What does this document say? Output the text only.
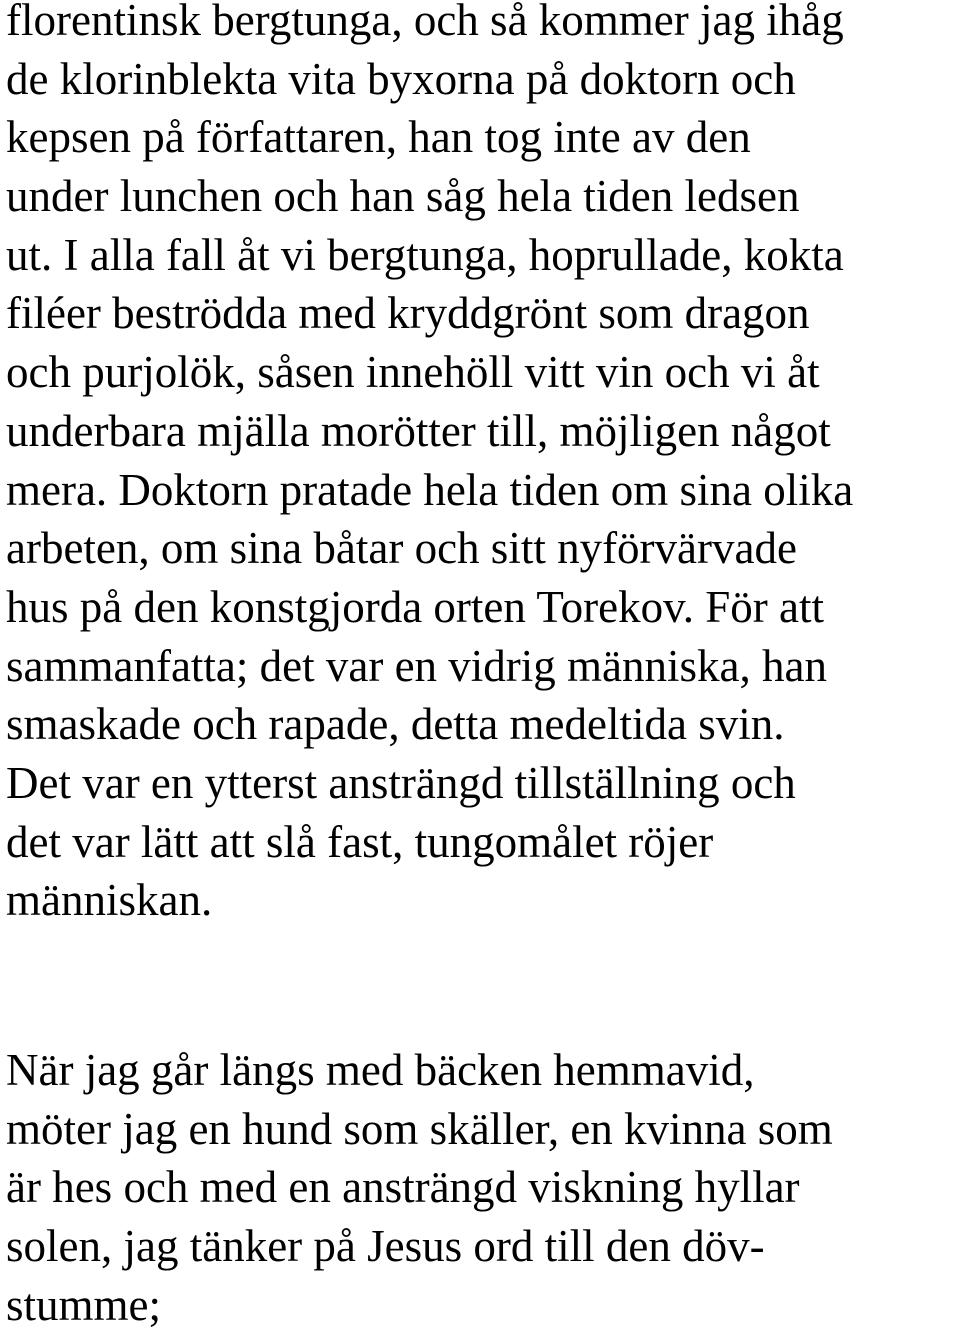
florentinsk bergtunga, och så kommer jag ihåg
de klorinblekta vita byxorna på doktorn och
kepsen på författaren, han tog inte av den
under lunchen och han såg hela tiden ledsen
ut. I alla fall åt vi bergtunga, hoprullade, kokta
filéer beströdda med kryddgrönt som dragon
och purjolök, såsen innehöll vitt vin och vi åt
underbara mjälla morötter till, möjligen något
mera. Doktorn pratade hela tiden om sina olika
arbeten, om sina båtar och sitt nyförvärvade
hus på den konstgjorda orten Torekov. För att
sammanfatta; det var en vidrig människa, han
smaskade och rapade, detta medeltida svin.
Det var en ytterst ansträngd tillställning och
det var lätt att slå fast, tungomålet röjer
människan.
När jag går längs med bäcken hemmavid,
möter jag en hund som skäller, en kvinna som
är hes och med en ansträngd viskning hyllar
solen, jag tänker på Jesus ord till den döv-
stumme;
